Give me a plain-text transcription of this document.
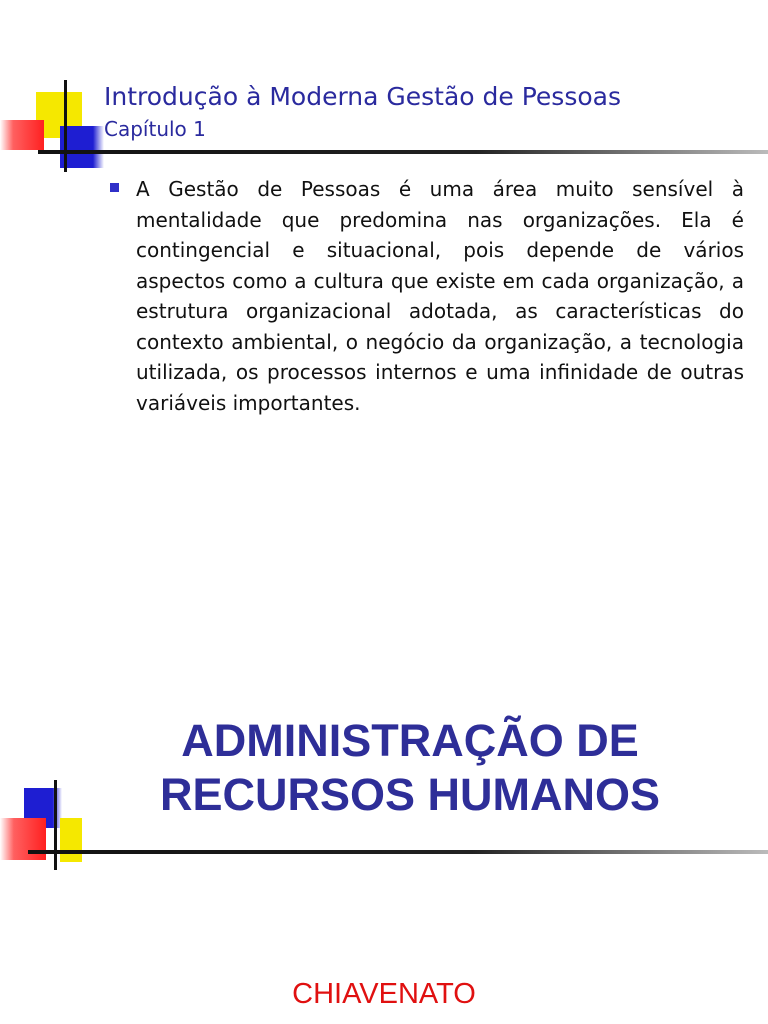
Introdução à Moderna Gestão de Pessoas
Capítulo 1
A Gestão de Pessoas é uma área muito sensível à mentalidade que predomina nas organizações. Ela é contingencial e situacional, pois depende de vários aspectos como a cultura que existe em cada organização, a estrutura organizacional adotada, as características do contexto ambiental, o negócio da organização, a tecnologia utilizada, os processos internos e uma infinidade de outras variáveis importantes.
ADMINISTRAÇÃO DE
RECURSOS HUMANOS
CHIAVENATO
